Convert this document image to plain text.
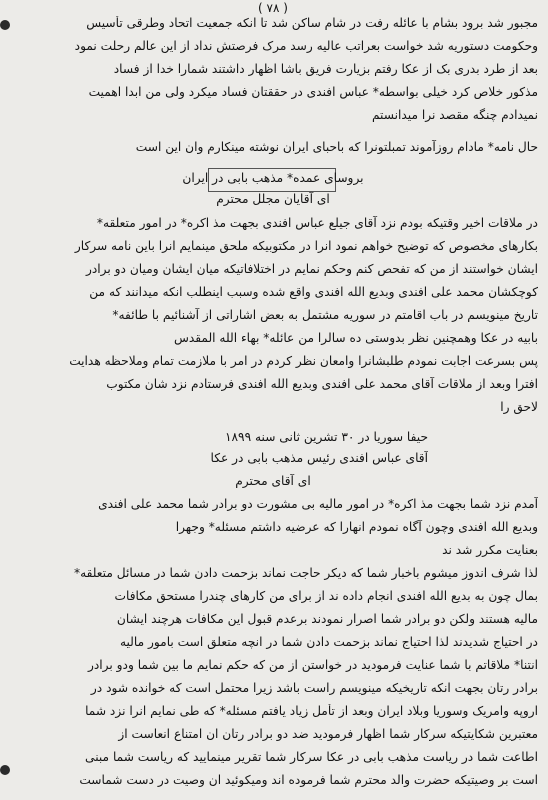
( ۷۸ )
مجبور شد برود بشام با عائله رفت در شام ساکن شد تا انکه جمعیت اتحاد وطرقی تأسیس
وحکومت دستوریه شد خواست بعراتب عالیه رسد مرک فرصتش نداد از این عالم رحلت نمود
بعد از طرد بدری بک از عکا رفتم بزیارت فریق باشا اظهار داشتند شمارا خدا از فساد
مذکور خلاص کرد خیلی بواسطه* عباس افندی در حققتان فساد میکرد ولی من ابدا اهمیت
نمیدادم چنگه مقصد نرا میدانستم
حال نامه* مادام روزآموند تمبلتونرا که باحبای ایران نوشته مینکارم وان این است
بروسای عمده* مذهب بابی در ایران
ای آقایان مجلل محترم
در ملاقات اخیر وقتیکه بودم نزد آقای جیلع عباس افندی بجهت مذ اکره* در امور متعلقه*
بکارهای مخصوص که توضیح خواهم نمود انرا در مکتوبیکه ملحق مینمایم انرا باین نامه سرکار
ایشان خواستند از من که تفحص کنم وحکم نمایم در اختلافاتیکه میان ایشان ومیان دو برادر
کوچکشان محمد علی افندی وبدیع الله افندی واقع شده وسبب اینطلب انکه میدانند که من
تاریخ مینویسم در باب اقامتم در سوریه مشتمل به بعض اشاراتی از آشنائیم با طائفه*
بابیه در عکا وهمچنین نظر بدوستی ده سالرا من عائله* بهاء الله المقدس
پس بسرعت اجابت نمودم طلبشانرا وامعان نظر کردم در امر با ملازمت تمام وملاحظه هدایت
افترا وبعد از ملاقات آقای محمد علی افندی وبدیع الله افندی فرستادم نزد شان مکتوب
لاحق را
حیفا سوریا در ۳۰ تشرین ثانی سنه ۱۸۹۹
آقای عباس افندی رئیس مذهب بابی در عکا
ای آقای محترم
آمدم نزد شما بجهت مذ اکره* در امور مالیه بی مشورت دو برادر شما محمد علی افندی
وبدیع الله افندی وچون آگاه نمودم انهارا که عرضیه داشتم مسئله* وجهرا
بعنایت مکرر شد ند
لذا شرف اندوز میشوم باخبار شما که دیکر حاجت نماند بزحمت دادن شما در مسائل متعلقه*
بمال چون به بدیع الله افندی انجام داده ند از برای من کارهای چندرا مستحق مکافات
مالیه هستند ولکن دو برادر شما اصرار نمودند برعدم قبول این مکافات هرچند ایشان
در احتیاج شدیدند لذا احتیاج نماند بزحمت دادن شما در انچه متعلق است بامور مالیه
انتنا* ملاقاتم با شما عنایت فرمودید در خواستن از من که حکم نمایم ما بین شما ودو برادر
برادر رتان بجهت انکه تاریخیکه مینویسم راست باشد زیرا محتمل است که خوانده شود در
اروپه وامریک وسوریا وبلاد ایران وبعد از تأمل زیاد یافتم مسئله* که طی نمایم انرا نزد شما
معتبرین شکایتیکه سرکار شما اظهار فرمودید ضد دو برادر رتان ان امتناع انعاست از
اطاعت شما در ریاست مذهب بابی در عکا سرکار شما تقریر مینمایید که ریاست شما مبنی
است بر وصیتیکه حضرت والد محترم شما فرموده اند ومیکوئید ان وصیت در دست شماست
